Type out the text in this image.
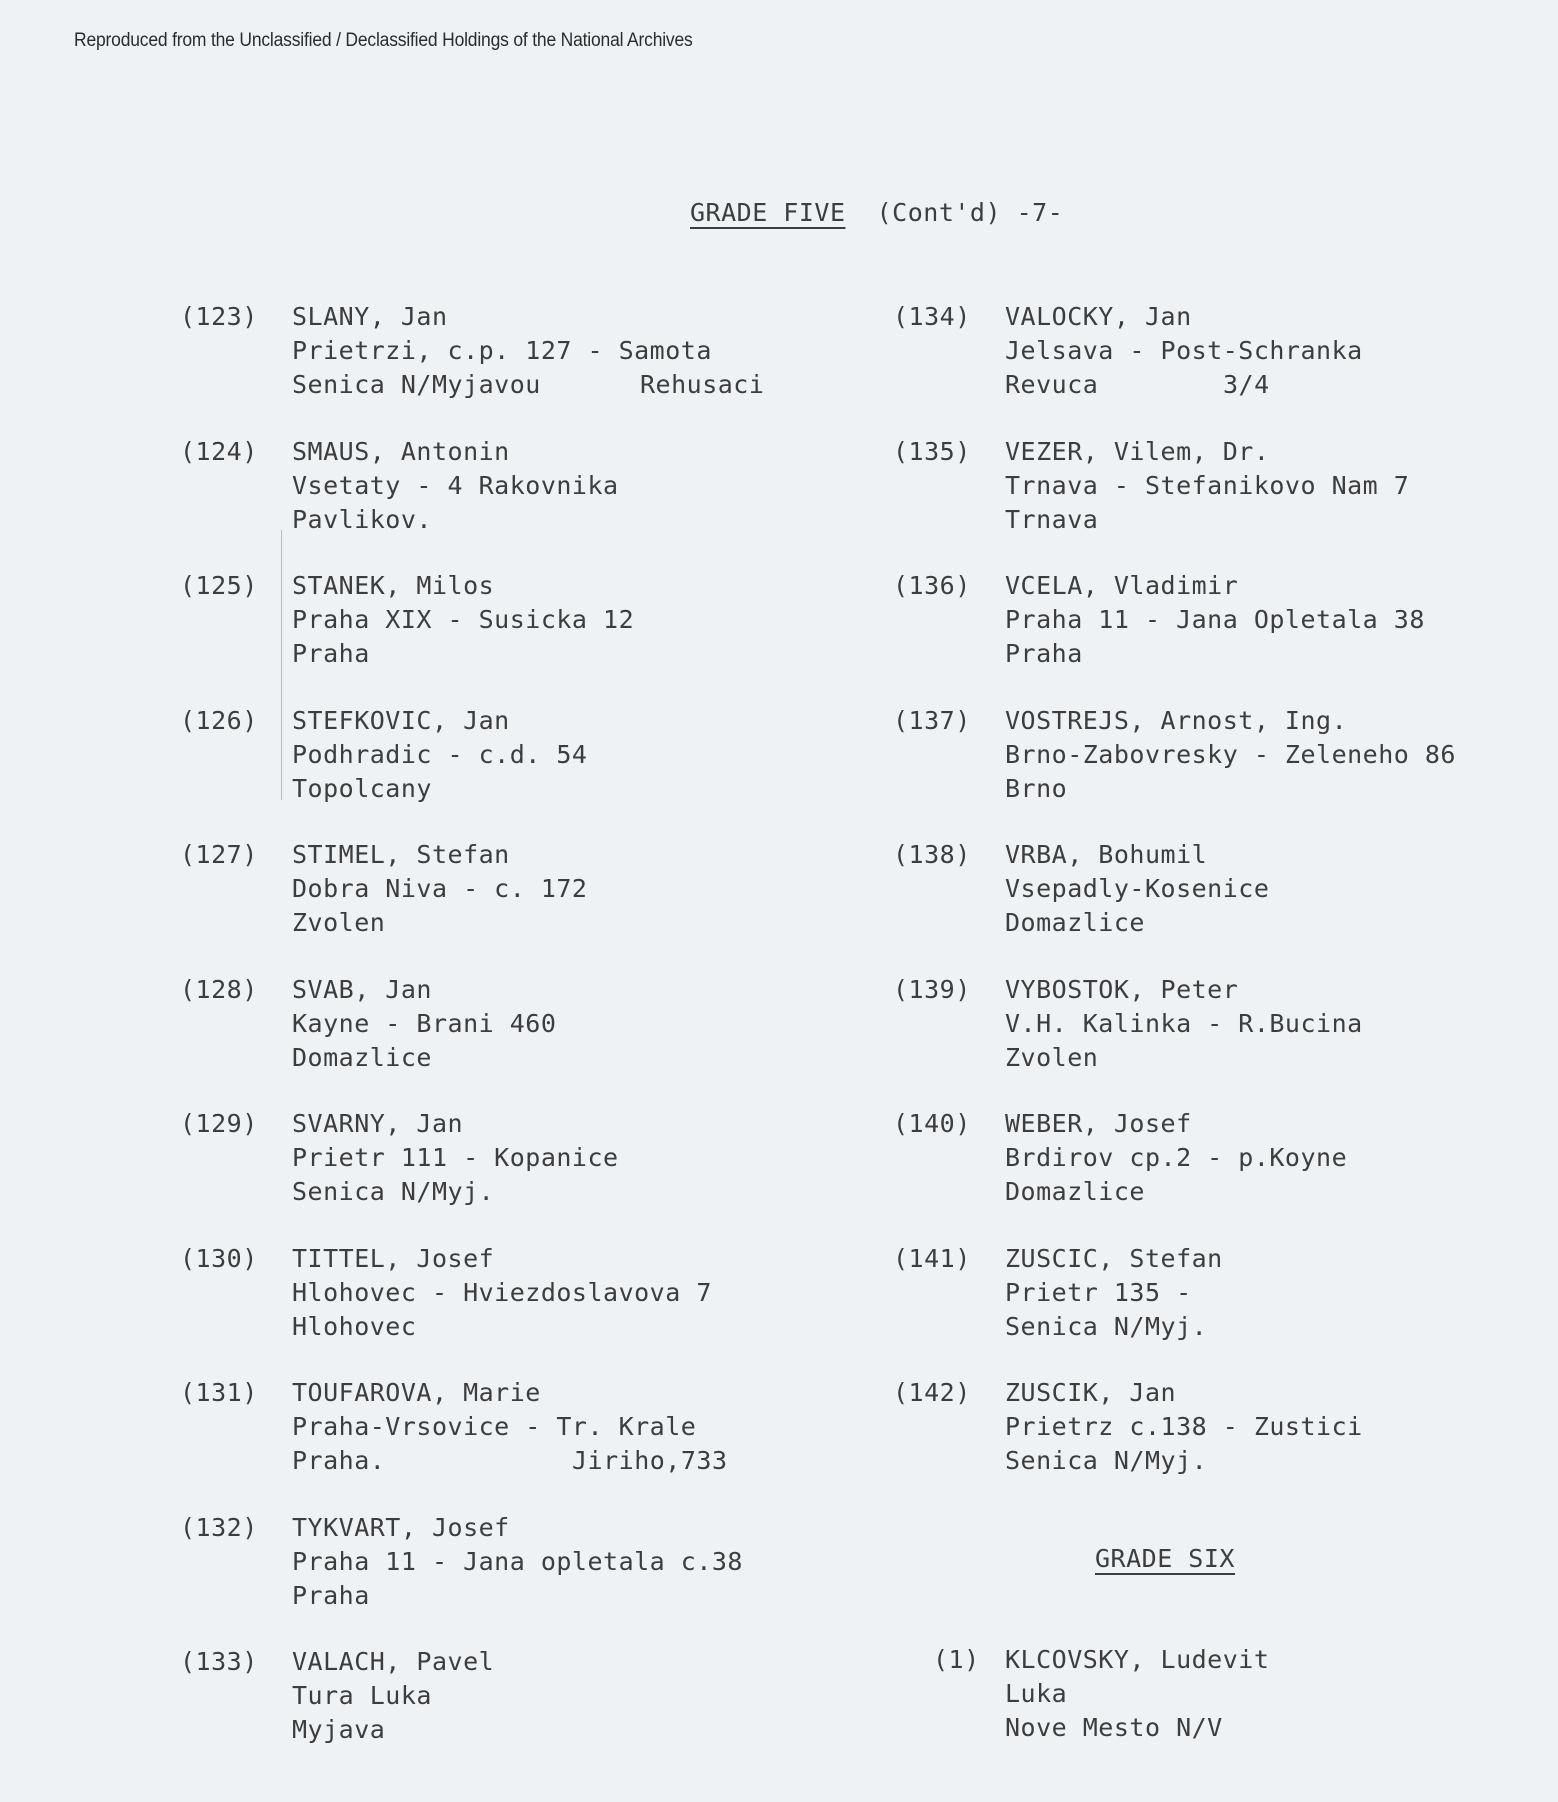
Reproduced from the Unclassified / Declassified Holdings of the National Archives
GRADE FIVE (Cont'd) -7-
(123) SLANY, Jan
Prietrzi, c.p. 127 - Samota
Senica N/Myjavou	Rehusaci
(124) SMAUS, Antonin
Vsetaty - 4 Rakovnika
Pavlikov.
(125) STANEK, Milos
Praha XIX - Susicka 12
Praha
(126) STEFKOVIC, Jan
Podhradic - c.d. 54
Topolcany
(127) STIMEL, Stefan
Dobra Niva - c. 172
Zvolen
(128) SVAB, Jan
Kayne - Brani 460
Domazlice
(129) SVARNY, Jan
Prietr 111 - Kopanice
Senica N/Myj.
(130) TITTEL, Josef
Hlohovec - Hviezdoslavova 7
Hlohovec
(131) TOUFAROVA, Marie
Praha-Vrsovice - Tr. Krale
Praha.	Jiriho,733
(132) TYKVART, Josef
Praha 11 - Jana opletala c.38
Praha
(133) VALACH, Pavel
Tura Luka
Myjava
(134) VALOCKY, Jan
Jelsava - Post-Schranka
Revuca	3/4
(135) VEZER, Vilem, Dr.
Trnava - Stefanikovo Nam 7
Trnava
(136) VCELA, Vladimir
Praha 11 - Jana Opletala 38
Praha
(137) VOSTREJS, Arnost, Ing.
Brno-Zabovresky - Zeleneho 86
Brno
(138) VRBA, Bohumil
Vsepadly-Kosenice
Domazlice
(139) VYBOSTOK, Peter
V.H. Kalinka - R.Bucina
Zvolen
(140) WEBER, Josef
Brdirov cp.2 - p.Koyne
Domazlice
(141) ZUSCIC, Stefan
Prietr 135 -
Senica N/Myj.
(142) ZUSCIK, Jan
Prietrz c.138 - Zustici
Senica N/Myj.
GRADE SIX
(1) KLCOVSKY, Ludevit
Luka
Nove Mesto N/V
